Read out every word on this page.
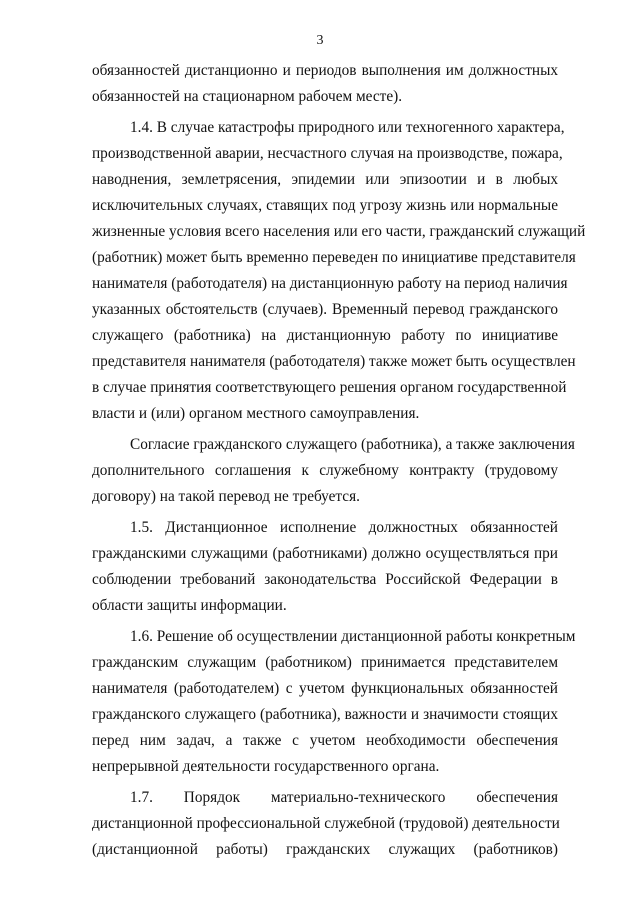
3
обязанностей дистанционно и периодов выполнения им должностных
обязанностей на стационарном рабочем месте).
1.4. В случае катастрофы природного или техногенного характера,
производственной аварии, несчастного случая на производстве, пожара,
наводнения, землетрясения, эпидемии или эпизоотии и в любых
исключительных случаях, ставящих под угрозу жизнь или нормальные
жизненные условия всего населения или его части, гражданский служащий
(работник) может быть временно переведен по инициативе представителя
нанимателя (работодателя) на дистанционную работу на период наличия
указанных обстоятельств (случаев). Временный перевод гражданского
служащего (работника) на дистанционную работу по инициативе
представителя нанимателя (работодателя) также может быть осуществлен
в случае принятия соответствующего решения органом государственной
власти и (или) органом местного самоуправления.
Согласие гражданского служащего (работника), а также заключения
дополнительного соглашения к служебному контракту (трудовому
договору) на такой перевод не требуется.
1.5. Дистанционное исполнение должностных обязанностей
гражданскими служащими (работниками) должно осуществляться при
соблюдении требований законодательства Российской Федерации в
области защиты информации.
1.6. Решение об осуществлении дистанционной работы конкретным
гражданским служащим (работником) принимается представителем
нанимателя (работодателем) с учетом функциональных обязанностей
гражданского служащего (работника), важности и значимости стоящих
перед ним задач, а также с учетом необходимости обеспечения
непрерывной деятельности государственного органа.
1.7. Порядок материально-технического обеспечения
дистанционной профессиональной служебной (трудовой) деятельности
(дистанционной работы) гражданских служащих (работников)
